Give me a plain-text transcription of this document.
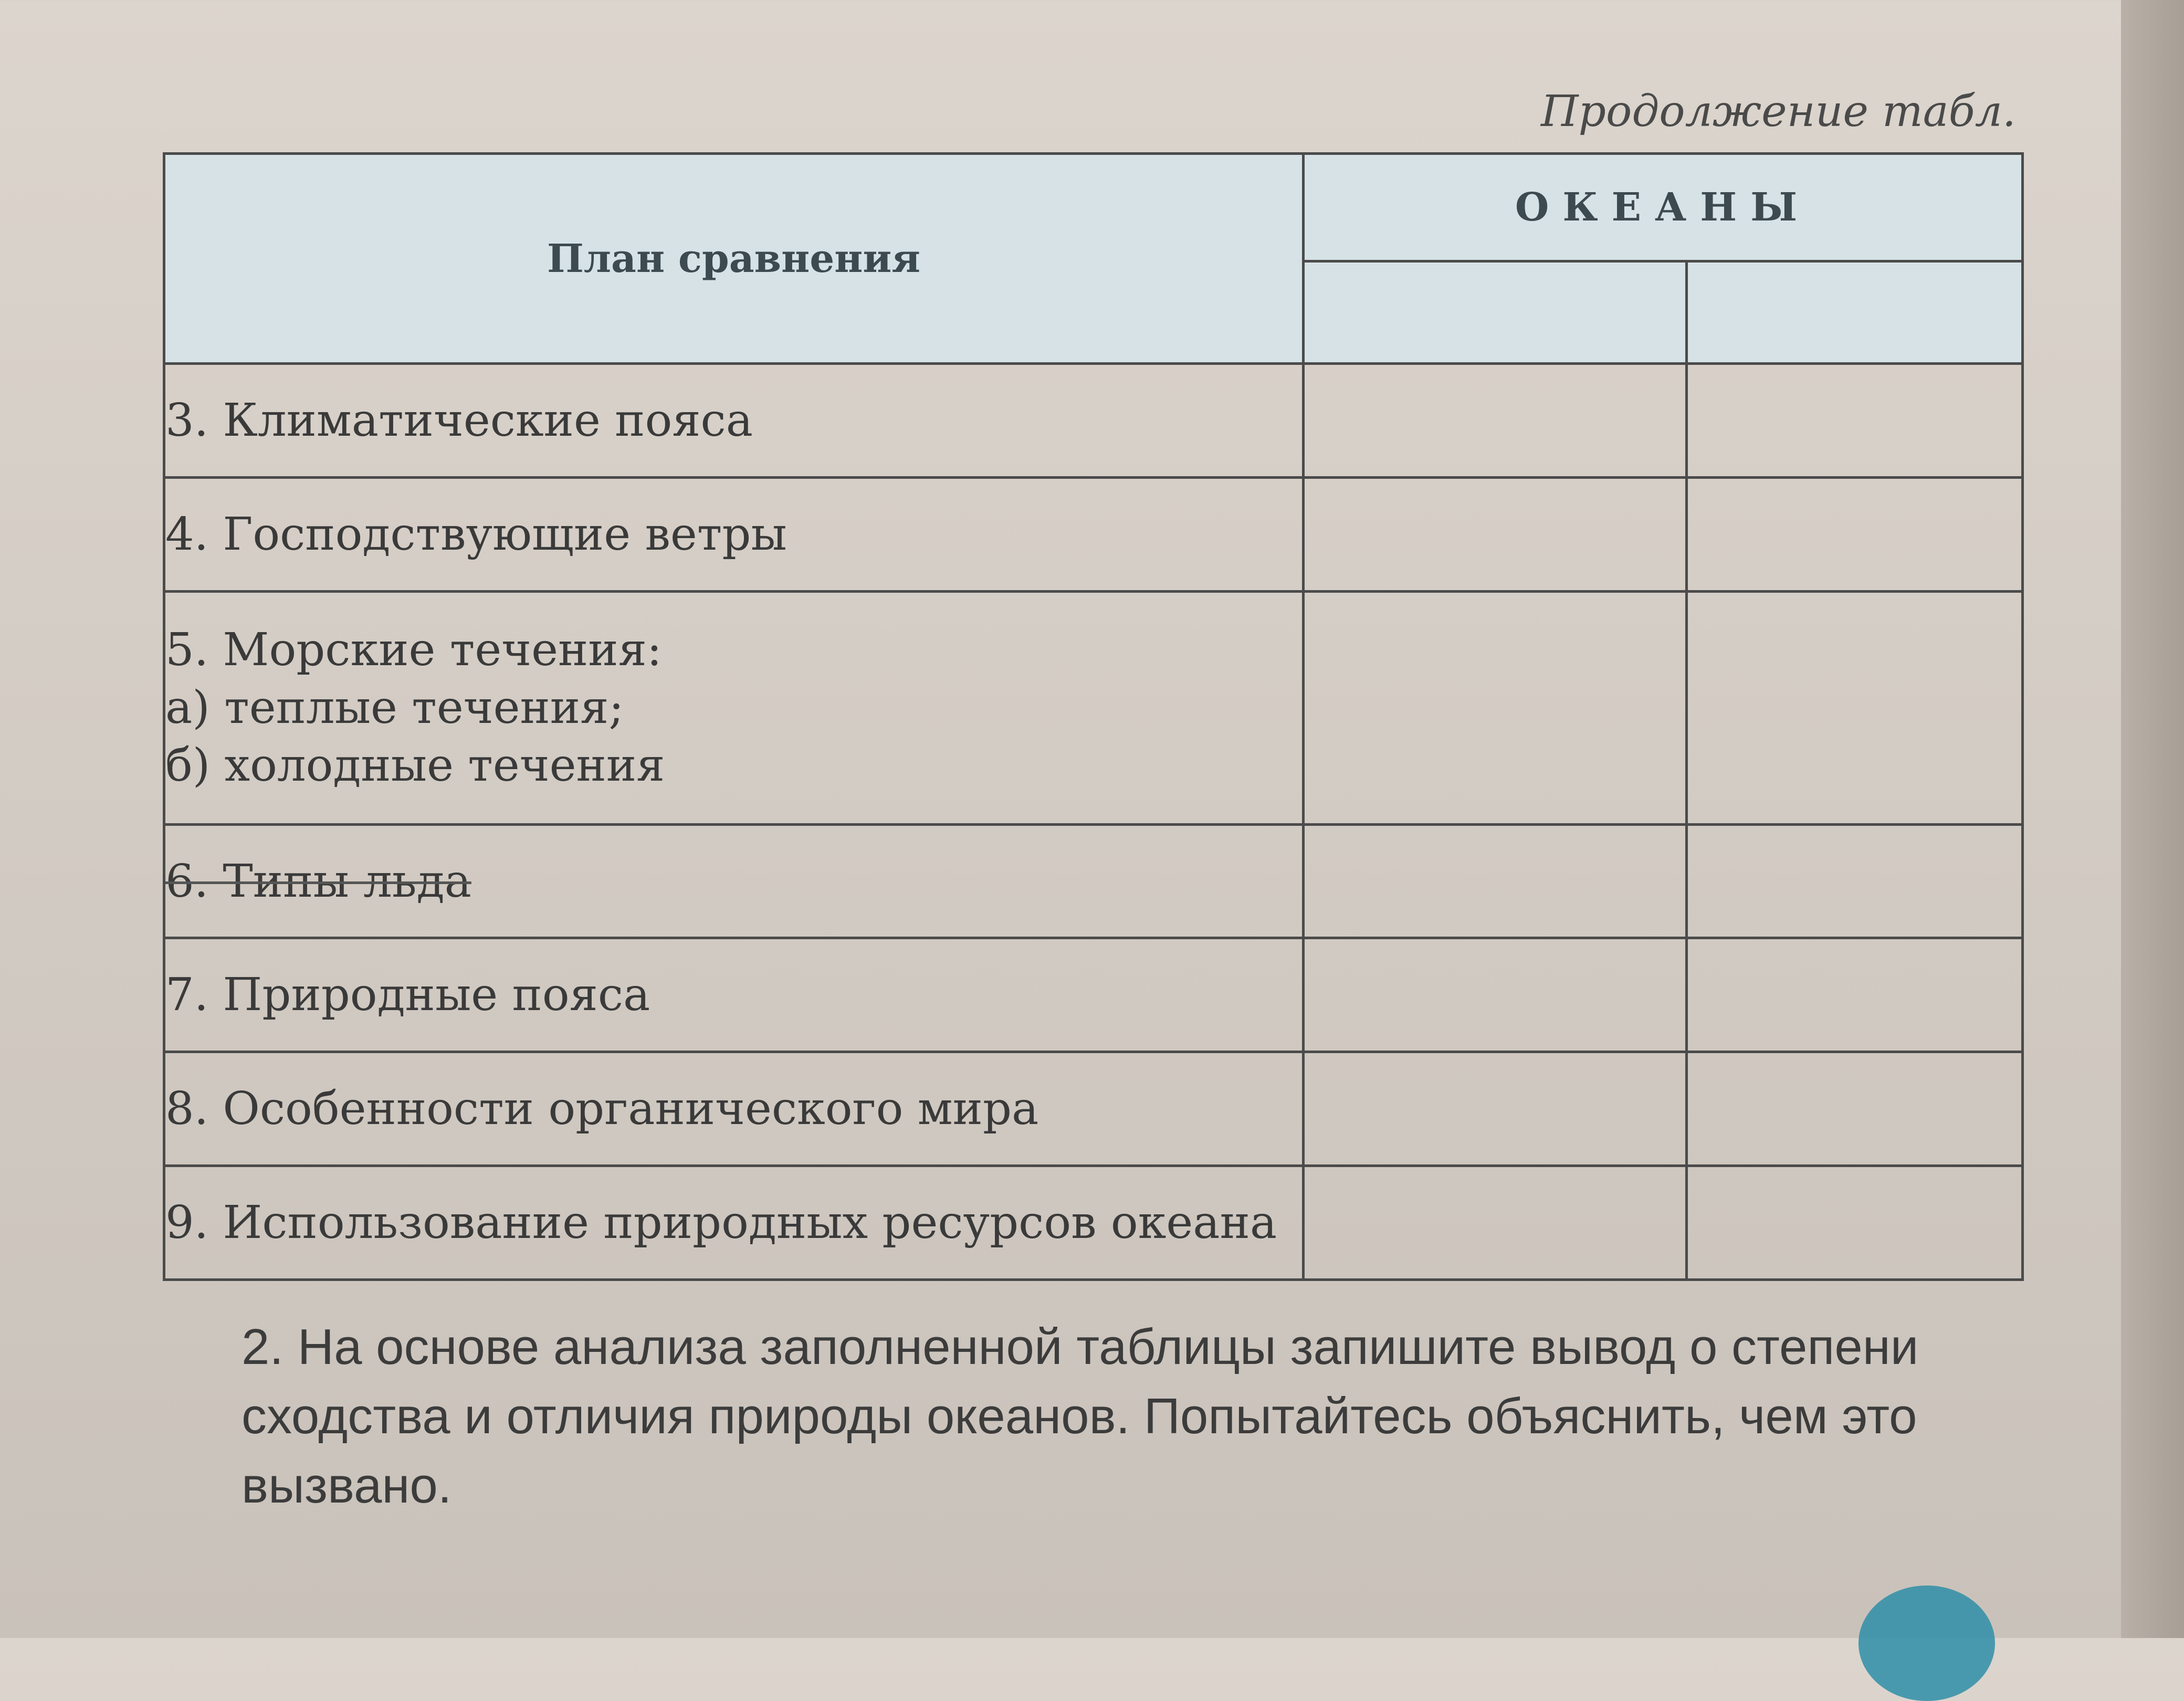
Продолжение табл.
План сравнения	ОКЕАНЫ	

3. Климатические пояса		

4. Господствующие ветры		

5. Морские течения:
а) теплые течения;
б) холодные течения		

6. Типы льда		

7. Природные пояса		

8. Особенности органического мира		

9. Использование природных ресурсов океана		

2. На основе анализа заполненной таблицы запишите вывод о степени сходства и отличия природы океанов. Попытайтесь объяснить, чем это вызвано.
